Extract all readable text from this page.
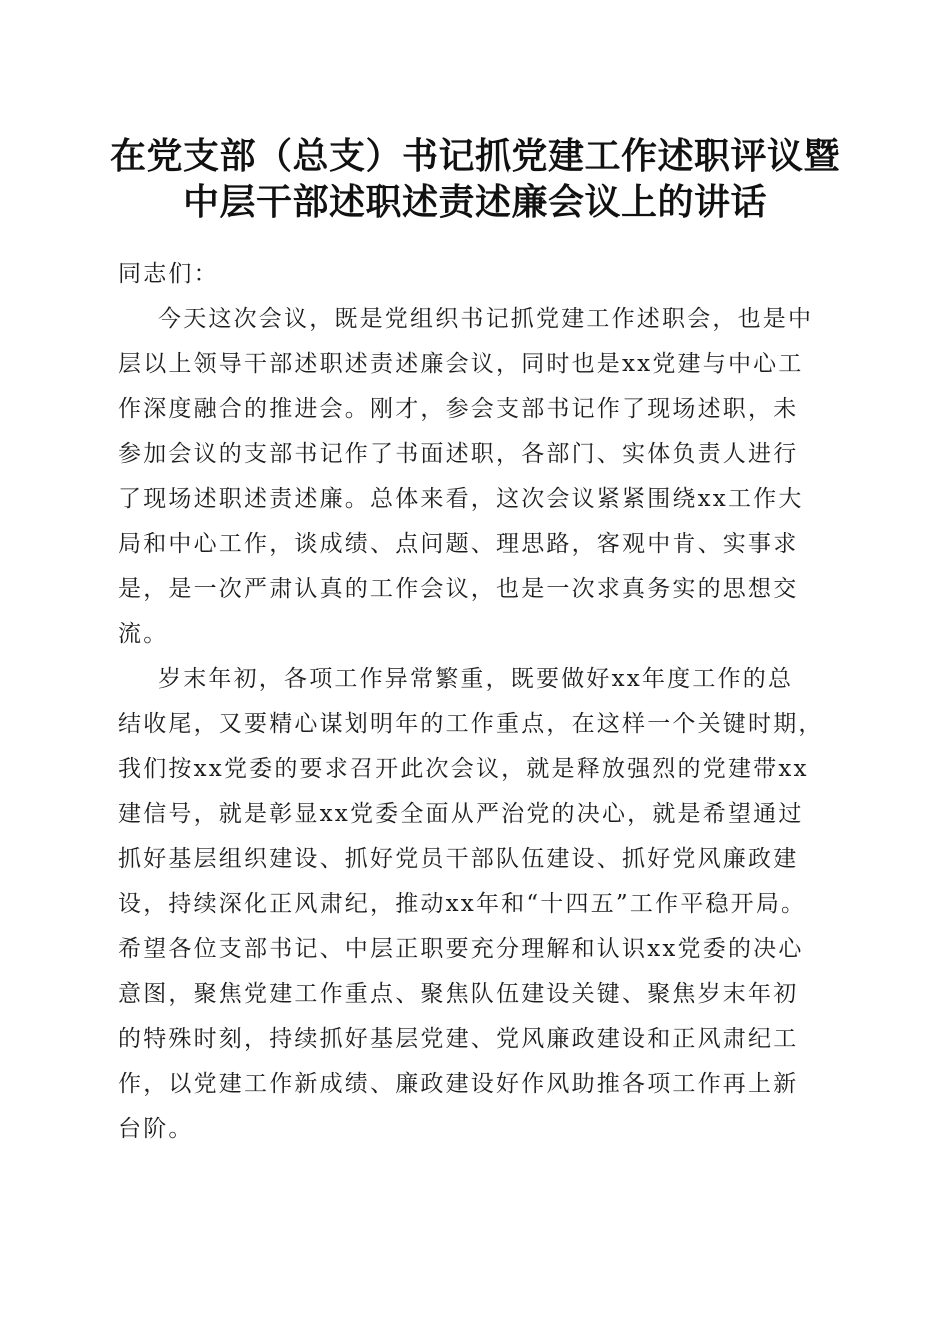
在党支部（总支）书记抓党建工作述职评议暨
中层干部述职述责述廉会议上的讲话

同志们：

今天这次会议，既是党组织书记抓党建工作述职会，也是中
层以上领导干部述职述责述廉会议，同时也是xx党建与中心工
作深度融合的推进会。刚才，参会支部书记作了现场述职，未
参加会议的支部书记作了书面述职，各部门、实体负责人进行
了现场述职述责述廉。总体来看，这次会议紧紧围绕xx工作大
局和中心工作，谈成绩、点问题、理思路，客观中肯、实事求
是，是一次严肃认真的工作会议，也是一次求真务实的思想交
流。

岁末年初，各项工作异常繁重，既要做好xx年度工作的总
结收尾，又要精心谋划明年的工作重点，在这样一个关键时期，
我们按xx党委的要求召开此次会议，就是释放强烈的党建带xx
建信号，就是彰显xx党委全面从严治党的决心，就是希望通过
抓好基层组织建设、抓好党员干部队伍建设、抓好党风廉政建
设，持续深化正风肃纪，推动xx年和“十四五”工作平稳开局。
希望各位支部书记、中层正职要充分理解和认识xx党委的决心
意图，聚焦党建工作重点、聚焦队伍建设关键、聚焦岁末年初
的特殊时刻，持续抓好基层党建、党风廉政建设和正风肃纪工
作，以党建工作新成绩、廉政建设好作风助推各项工作再上新
台阶。
